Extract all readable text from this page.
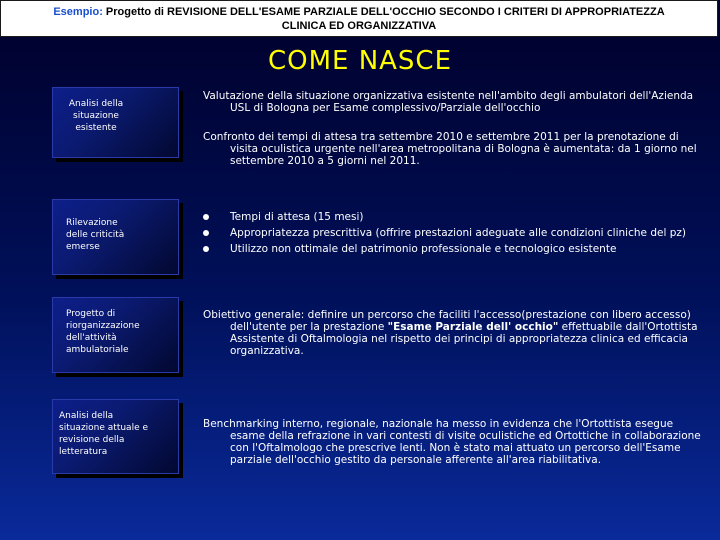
Esempio: Progetto di REVISIONE DELL'ESAME PARZIALE DELL'OCCHIO SECONDO I CRITERI DI APPROPRIATEZZA
CLINICA ED ORGANIZZATIVA
COME NASCE
Analisi della situazione esistente
Rilevazione delle criticità emerse
Progetto di riorganizzazione dell'attività ambulatoriale
Analisi della situazione attuale e revisione della letteratura

Valutazione della situazione organizzativa esistente nell'ambito degli ambulatori dell'Azienda USL di Bologna per Esame complessivo/Parziale dell'occhio

Confronto dei tempi di attesa tra settembre 2010 e settembre 2011 per la prenotazione di visita oculistica urgente nell'area metropolitana di Bologna è aumentata: da 1 giorno nel settembre 2010 a 5 giorni nel 2011.

Tempi di attesa (15 mesi)
Appropriatezza prescrittiva (offrire prestazioni adeguate alle condizioni cliniche del pz)
Utilizzo non ottimale del patrimonio professionale e tecnologico esistente

Obiettivo generale: definire un percorso che faciliti l'accesso(prestazione con libero accesso) dell'utente per la prestazione "Esame Parziale dell' occhio" effettuabile dall'Ortottista Assistente di Oftalmologia nel rispetto dei principi di appropriatezza clinica ed efficacia organizzativa.

Benchmarking interno, regionale, nazionale ha messo in evidenza che l'Ortottista esegue esame della refrazione in vari contesti di visite oculistiche ed Ortottiche in collaborazione con l'Oftalmologo che prescrive lenti. Non è stato mai attuato un percorso dell'Esame parziale dell'occhio gestito da personale afferente all'area riabilitativa.
